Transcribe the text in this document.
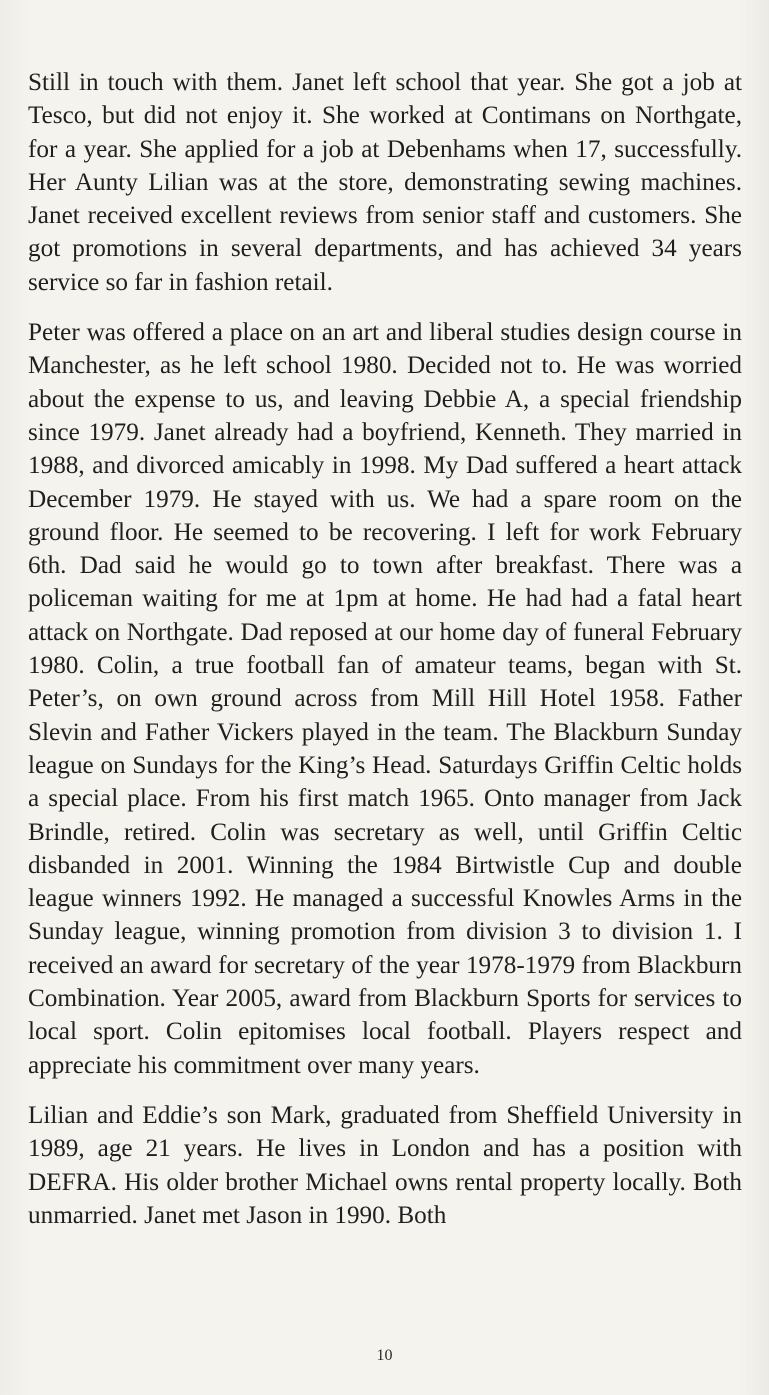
Still in touch with them. Janet left school that year. She got a job at Tesco, but did not enjoy it. She worked at Contimans on Northgate, for a year. She applied for a job at Debenhams when 17, successfully. Her Aunty Lilian was at the store, demonstrating sewing machines. Janet received excellent reviews from senior staff and customers. She got promotions in several departments, and has achieved 34 years service so far in fashion retail.

Peter was offered a place on an art and liberal studies design course in Manchester, as he left school 1980. Decided not to. He was worried about the expense to us, and leaving Debbie A, a special friendship since 1979. Janet already had a boyfriend, Kenneth. They married in 1988, and divorced amicably in 1998. My Dad suffered a heart attack December 1979. He stayed with us. We had a spare room on the ground floor. He seemed to be recovering. I left for work February 6th. Dad said he would go to town after breakfast. There was a policeman waiting for me at 1pm at home. He had had a fatal heart attack on Northgate. Dad reposed at our home day of funeral February 1980. Colin, a true football fan of amateur teams, began with St. Peter’s, on own ground across from Mill Hill Hotel 1958. Father Slevin and Father Vickers played in the team. The Blackburn Sunday league on Sundays for the King’s Head. Saturdays Griffin Celtic holds a special place. From his first match 1965. Onto manager from Jack Brindle, retired. Colin was secretary as well, until Griffin Celtic disbanded in 2001. Winning the 1984 Birtwistle Cup and double league winners 1992. He managed a successful Knowles Arms in the Sunday league, winning promotion from division 3 to division 1. I received an award for secretary of the year 1978-1979 from Blackburn Combination. Year 2005, award from Blackburn Sports for services to local sport. Colin epitomises local football. Players respect and appreciate his commitment over many years.

Lilian and Eddie’s son Mark, graduated from Sheffield University in 1989, age 21 years. He lives in London and has a position with DEFRA. His older brother Michael owns rental property locally. Both unmarried. Janet met Jason in 1990. Both

10
